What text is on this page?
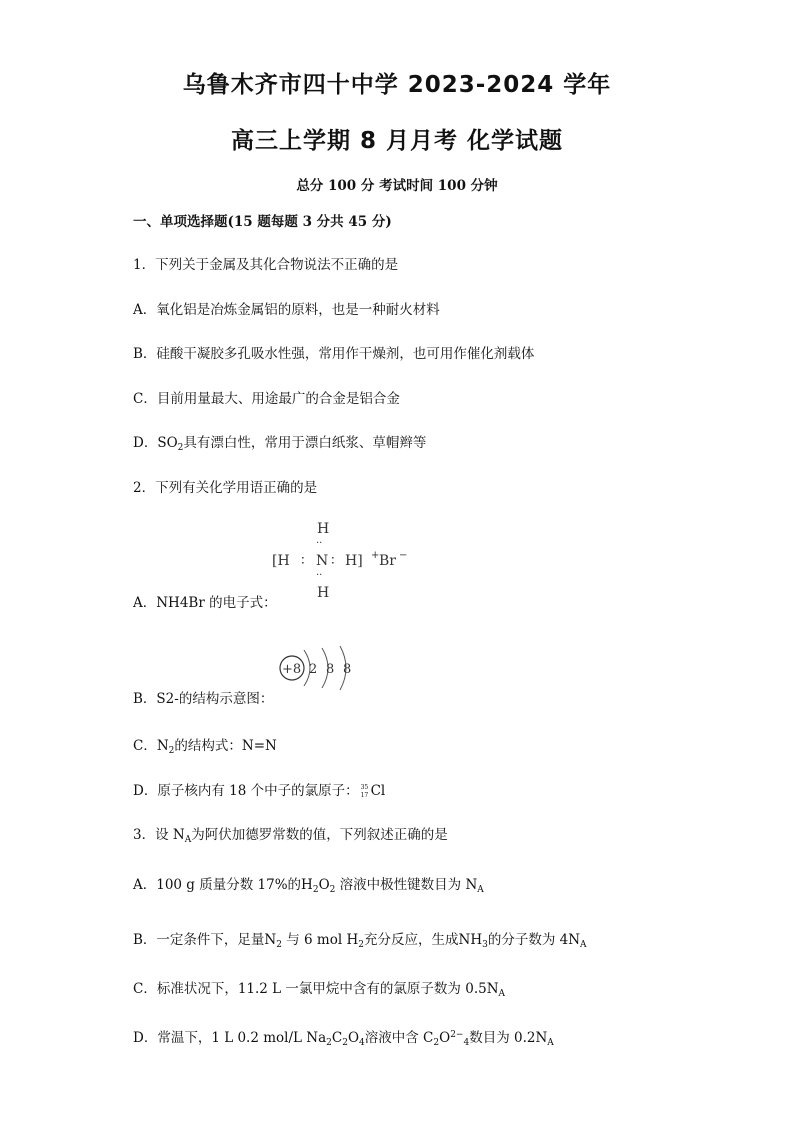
乌鲁木齐市四十中学 2023-2024 学年
高三上学期 8 月月考 化学试题
总分 100 分 考试时间 100 分钟
一、单项选择题(15 题每题 3 分共 45 分)
1．下列关于金属及其化合物说法不正确的是
A．氧化铝是冶炼金属铝的原料，也是一种耐火材料
B．硅酸干凝胶多孔吸水性强，常用作干燥剂，也可用作催化剂载体
C．目前用量最大、用途最广的合金是铝合金
D．$SO_2$具有漂白性，常用于漂白纸浆、草帽辫等
2．下列有关化学用语正确的是
H
··
[H ∶ N ∶ H] + Br −
··
H
A．NH4Br 的电子式：
+8 2 8 8
B．S2-的结构示意图：
C．$N_2$的结构式：N=N
D．原子核内有 18 个中子的氯原子： 35
17 Cl
3．设 $N_A$为阿伏加德罗常数的值，下列叙述正确的是
A．100 g 质量分数 17%的$H_2O_2$ 溶液中极性键数目为 $N_A$
B．一定条件下，足量$N_2$ 与 6 mol $H_2$充分反应，生成$NH_3$的分子数为 $4N_A$
C．标准状况下，11.2 L 一氯甲烷中含有的氯原子数为 $0.5N_A$
D．常温下，1 L 0.2 mol/L $Na_2C_2O_4$溶液中含 $C_2O^{2-}_4$数目为 $0.2N_A$
